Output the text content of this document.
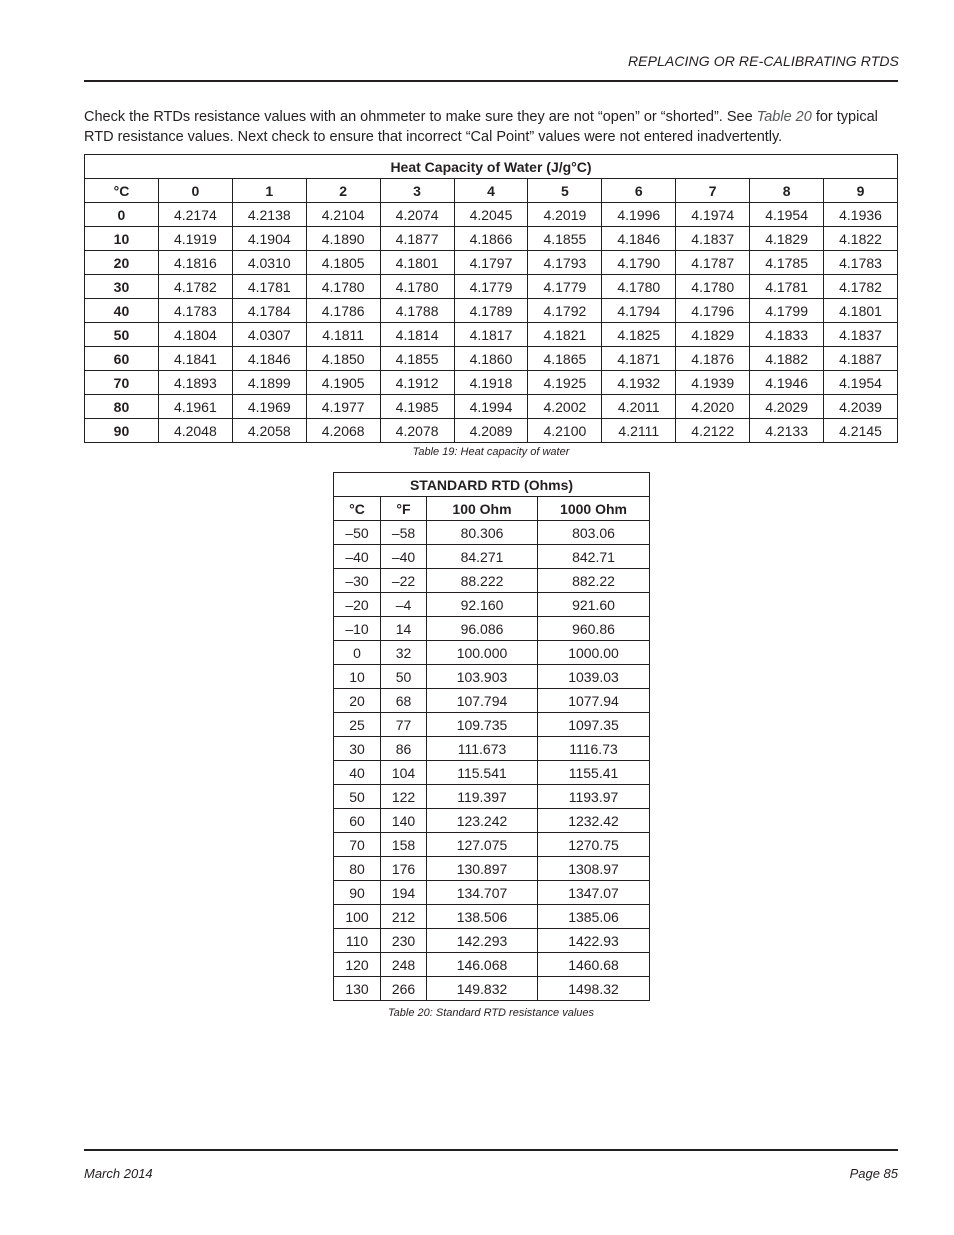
REPLACING OR RE-CALIBRATING RTDS

Check the RTDs resistance values with an ohmmeter to make sure they are not “open” or “shorted”. See Table 20 for typical RTD resistance values. Next check to ensure that incorrect “Cal Point” values were not entered inadvertently.

Heat Capacity of Water (J/g°C)										
°C	0	1	2	3	4	5	6	7	8	9
0	4.2174	4.2138	4.2104	4.2074	4.2045	4.2019	4.1996	4.1974	4.1954	4.1936
10	4.1919	4.1904	4.1890	4.1877	4.1866	4.1855	4.1846	4.1837	4.1829	4.1822
20	4.1816	4.0310	4.1805	4.1801	4.1797	4.1793	4.1790	4.1787	4.1785	4.1783
30	4.1782	4.1781	4.1780	4.1780	4.1779	4.1779	4.1780	4.1780	4.1781	4.1782
40	4.1783	4.1784	4.1786	4.1788	4.1789	4.1792	4.1794	4.1796	4.1799	4.1801
50	4.1804	4.0307	4.1811	4.1814	4.1817	4.1821	4.1825	4.1829	4.1833	4.1837
60	4.1841	4.1846	4.1850	4.1855	4.1860	4.1865	4.1871	4.1876	4.1882	4.1887
70	4.1893	4.1899	4.1905	4.1912	4.1918	4.1925	4.1932	4.1939	4.1946	4.1954
80	4.1961	4.1969	4.1977	4.1985	4.1994	4.2002	4.2011	4.2020	4.2029	4.2039
90	4.2048	4.2058	4.2068	4.2078	4.2089	4.2100	4.2111	4.2122	4.2133	4.2145
Table 19: Heat capacity of water
STANDARD RTD (Ohms)			
°C	°F	100 Ohm	1000 Ohm
–50	–58	80.306	803.06
–40	–40	84.271	842.71
–30	–22	88.222	882.22
–20	–4	92.160	921.60
–10	14	96.086	960.86
0	32	100.000	1000.00
10	50	103.903	1039.03
20	68	107.794	1077.94
25	77	109.735	1097.35
30	86	111.673	1116.73
40	104	115.541	1155.41
50	122	119.397	1193.97
60	140	123.242	1232.42
70	158	127.075	1270.75
80	176	130.897	1308.97
90	194	134.707	1347.07
100	212	138.506	1385.06
110	230	142.293	1422.93
120	248	146.068	1460.68
130	266	149.832	1498.32
Table 20: Standard RTD resistance values
March 2014	Page 85
